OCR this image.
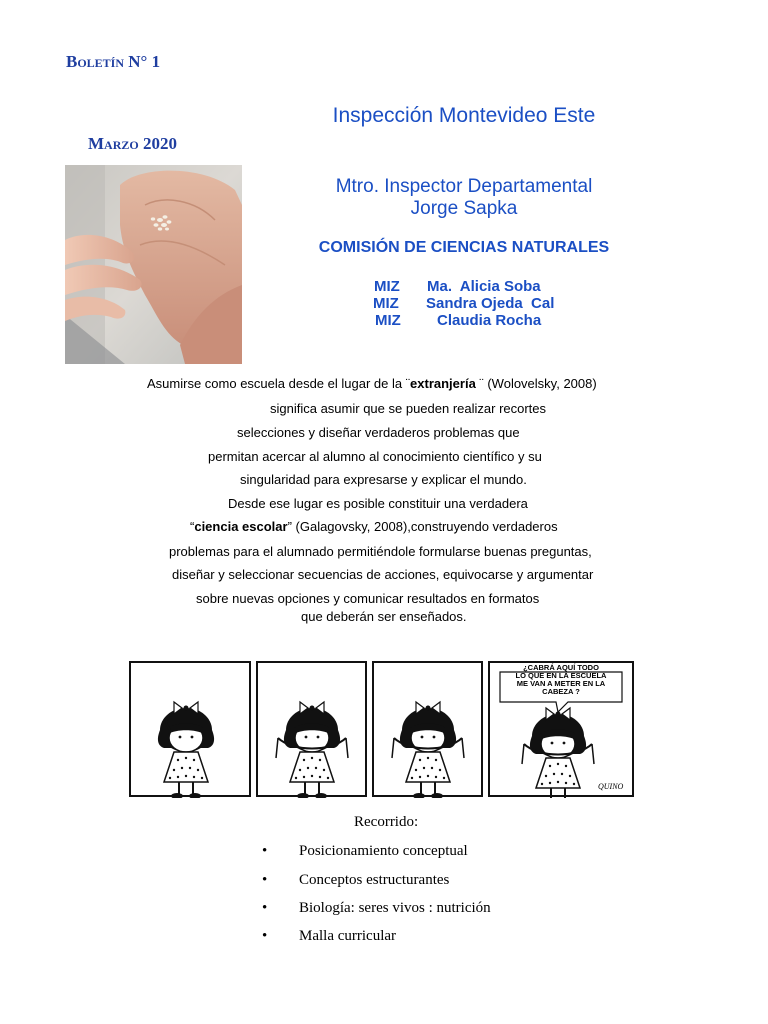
Boletín N° 1
Marzo 2020
Inspección Montevideo Este
Mtro. Inspector Departamental
Jorge Sapka
COMISIÓN DE CIENCIAS NATURALES
MIZ Ma.  Alicia Soba
MIZ Sandra Ojeda  Cal
MIZ Claudia Rocha
Asumirse como escuela desde el lugar de la ¨extranjería ¨ (Wolovelsky, 2008)
significa asumir que se pueden realizar recortes
selecciones y diseñar verdaderos problemas que
permitan acercar al alumno al conocimiento científico y su
singularidad para expresarse y explicar el mundo.
Desde ese lugar es posible constituir una verdadera
“ciencia escolar” (Galagovsky, 2008),construyendo verdaderos
problemas para el alumnado permitiéndole formularse buenas preguntas,
diseñar y seleccionar secuencias de acciones, equivocarse y argumentar
sobre nuevas opciones y comunicar resultados en formatos
que deberán ser enseñados.
¿CABRÁ AQUÍ TODO
LO QUE EN LA ESCUELA
ME VAN A METER EN LA
CABEZA ?
QUINO
Recorrido:
• Posicionamiento conceptual
• Conceptos estructurantes
• Biología: seres vivos : nutrición
• Malla curricular
